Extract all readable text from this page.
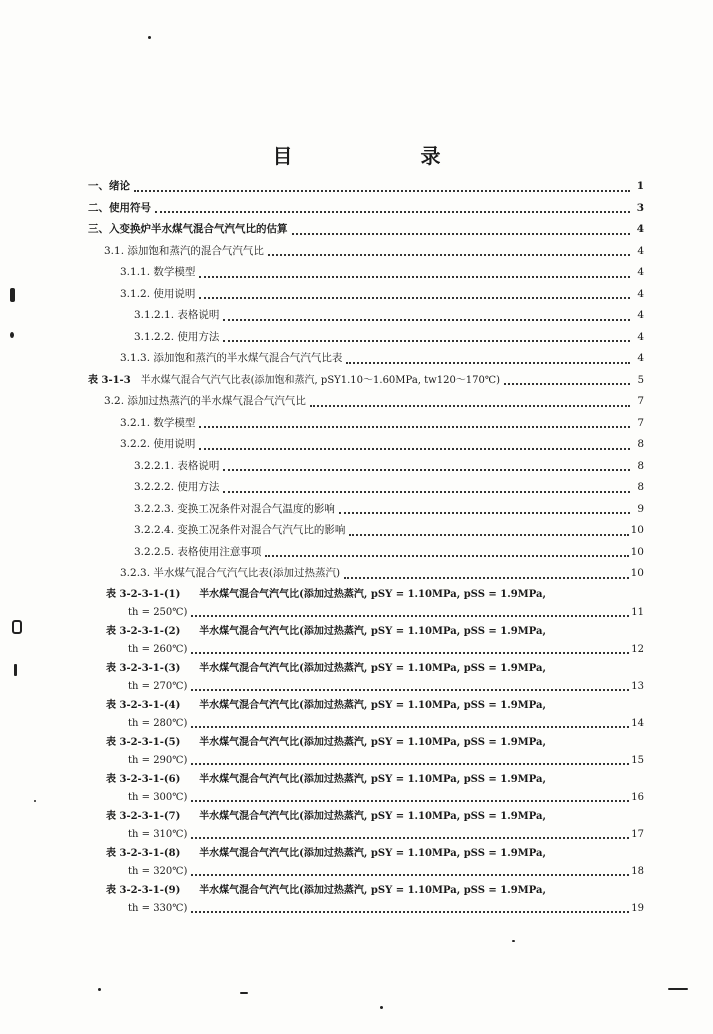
目　录
一、绪论	1
二、使用符号	3
三、入变换炉半水煤气混合气汽气比的估算	4
3.1. 添加饱和蒸汽的混合气汽气比	4
3.1.1. 数学模型	4
3.1.2. 使用说明	4
3.1.2.1. 表格说明	4
3.1.2.2. 使用方法	4
3.1.3. 添加饱和蒸汽的半水煤气混合气汽气比表	4
表 3-1-3 半水煤气混合气汽气比表(添加饱和蒸汽, pSY1.10～1.60MPa, tw120～170℃)	5
3.2. 添加过热蒸汽的半水煤气混合气汽气比	7
3.2.1. 数学模型	7
3.2.2. 使用说明	8
3.2.2.1. 表格说明	8
3.2.2.2. 使用方法	8
3.2.2.3. 变换工况条件对混合气温度的影响	9
3.2.2.4. 变换工况条件对混合气汽气比的影响	10
3.2.2.5. 表格使用注意事项	10
3.2.3. 半水煤气混合气汽气比表(添加过热蒸汽)	10
表 3-2-3-1-(1) 半水煤气混合气汽气比(添加过热蒸汽, pSY = 1.10MPa, pSS = 1.9MPa,
th = 250℃)	11
表 3-2-3-1-(2) 半水煤气混合气汽气比(添加过热蒸汽, pSY = 1.10MPa, pSS = 1.9MPa,
th = 260℃)	12
表 3-2-3-1-(3) 半水煤气混合气汽气比(添加过热蒸汽, pSY = 1.10MPa, pSS = 1.9MPa,
th = 270℃)	13
表 3-2-3-1-(4) 半水煤气混合气汽气比(添加过热蒸汽, pSY = 1.10MPa, pSS = 1.9MPa,
th = 280℃)	14
表 3-2-3-1-(5) 半水煤气混合气汽气比(添加过热蒸汽, pSY = 1.10MPa, pSS = 1.9MPa,
th = 290℃)	15
表 3-2-3-1-(6) 半水煤气混合气汽气比(添加过热蒸汽, pSY = 1.10MPa, pSS = 1.9MPa,
th = 300℃)	16
表 3-2-3-1-(7) 半水煤气混合气汽气比(添加过热蒸汽, pSY = 1.10MPa, pSS = 1.9MPa,
th = 310℃)	17
表 3-2-3-1-(8) 半水煤气混合气汽气比(添加过热蒸汽, pSY = 1.10MPa, pSS = 1.9MPa,
th = 320℃)	18
表 3-2-3-1-(9) 半水煤气混合气汽气比(添加过热蒸汽, pSY = 1.10MPa, pSS = 1.9MPa,
th = 330℃)	19
